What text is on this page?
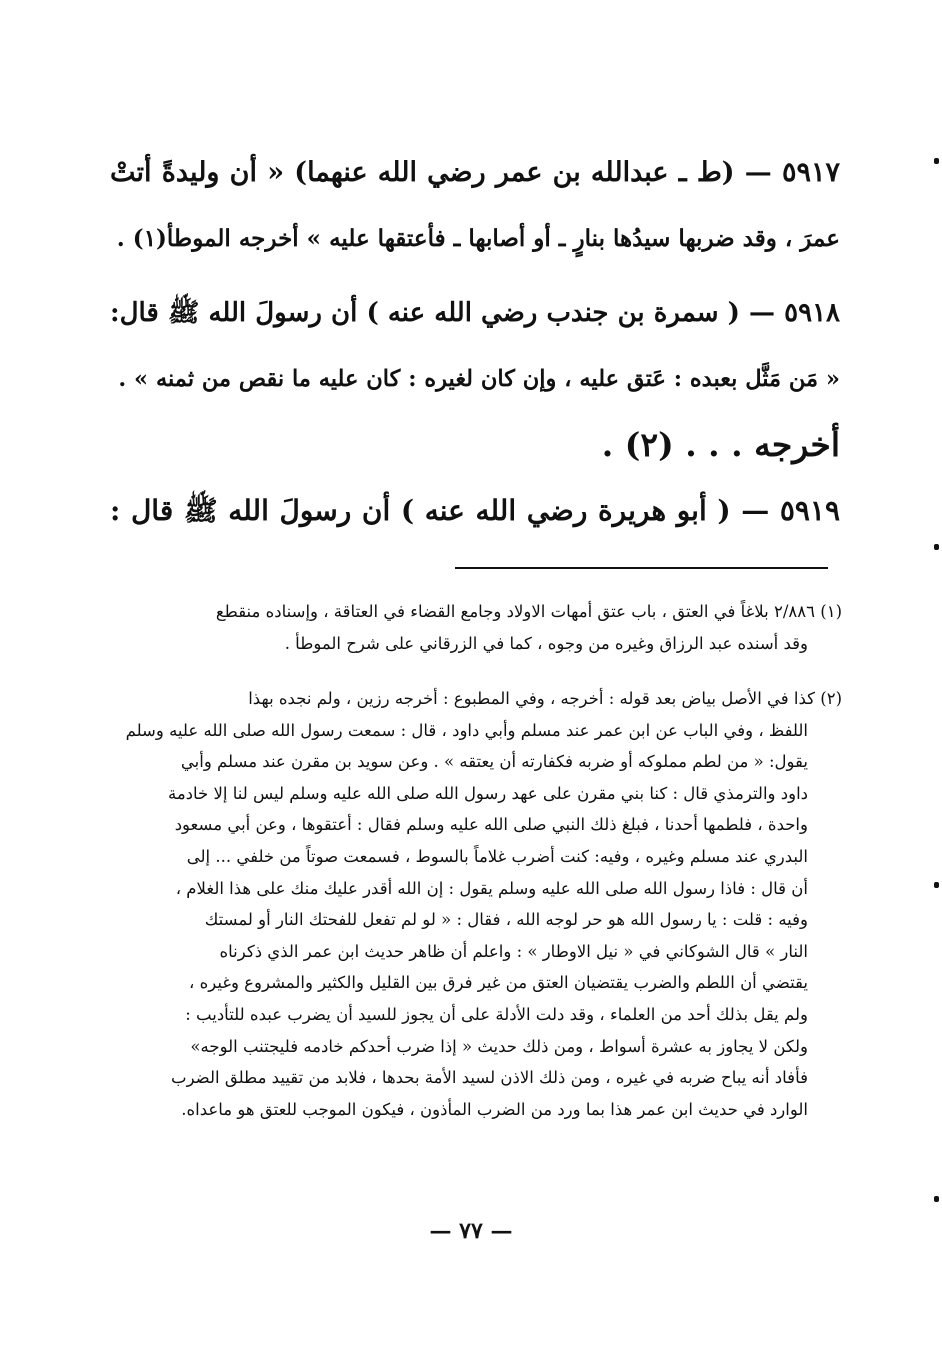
٥٩١٧ — (ط ـ عبدالله بن عمر رضي الله عنهما) « أن وليدةً أتتْ
عمرَ ، وقد ضربها سيدُها بنارٍ ـ أو أصابها ـ فأعتقها عليه » أخرجه الموطأ(١) .
٥٩١٨ — ( سمرة بن جندب رضي الله عنه ) أن رسولَ الله ﷺ قال:
« مَن مَثَّل بعبده : عَتق عليه ، وإن كان لغيره : كان عليه ما نقص من ثمنه » .
أخرجه . . . (٢) .
٥٩١٩ — ( أبو هريرة رضي الله عنه ) أن رسولَ الله ﷺ قال :
(١) ٢/٨٨٦ بلاغاً في العتق ، باب عتق أمهات الاولاد وجامع القضاء في العتاقة ، وإسناده منقطع
وقد أسنده عبد الرزاق وغيره من وجوه ، كما في الزرقاني على شرح الموطأ .
(٢) كذا في الأصل بياض بعد قوله : أخرجه ، وفي المطبوع : أخرجه رزين ، ولم نجده بهذا
اللفظ ، وفي الباب عن ابن عمر عند مسلم وأبي داود ، قال : سمعت رسول الله صلى الله عليه وسلم
يقول: « من لطم مملوكه أو ضربه فكفارته أن يعتقه » . وعن سويد بن مقرن عند مسلم وأبي
داود والترمذي قال : كنا بني مقرن على عهد رسول الله صلى الله عليه وسلم ليس لنا إلا خادمة
واحدة ، فلطمها أحدنا ، فبلغ ذلك النبي صلى الله عليه وسلم فقال : أعتقوها ، وعن أبي مسعود
البدري عند مسلم وغيره ، وفيه: كنت أضرب غلاماً بالسوط ، فسمعت صوتاً من خلفي ... إلى
أن قال : فاذا رسول الله صلى الله عليه وسلم يقول : إن الله أقدر عليك منك على هذا الغلام ،
وفيه : قلت : يا رسول الله هو حر لوجه الله ، فقال : « لو لم تفعل للفحتك النار أو لمستك
النار » قال الشوكاني في « نيل الاوطار » : واعلم أن ظاهر حديث ابن عمر الذي ذكرناه
يقتضي أن اللطم والضرب يقتضيان العتق من غير فرق بين القليل والكثير والمشروع وغيره ،
ولم يقل بذلك أحد من العلماء ، وقد دلت الأدلة على أن يجوز للسيد أن يضرب عبده للتأديب :
ولكن لا يجاوز به عشرة أسواط ، ومن ذلك حديث « إذا ضرب أحدكم خادمه فليجتنب الوجه»
فأفاد أنه يباح ضربه في غيره ، ومن ذلك الاذن لسيد الأمة بحدها ، فلابد من تقييد مطلق الضرب
الوارد في حديث ابن عمر هذا بما ورد من الضرب المأذون ، فيكون الموجب للعتق هو ماعداه.
— ٧٧ —
